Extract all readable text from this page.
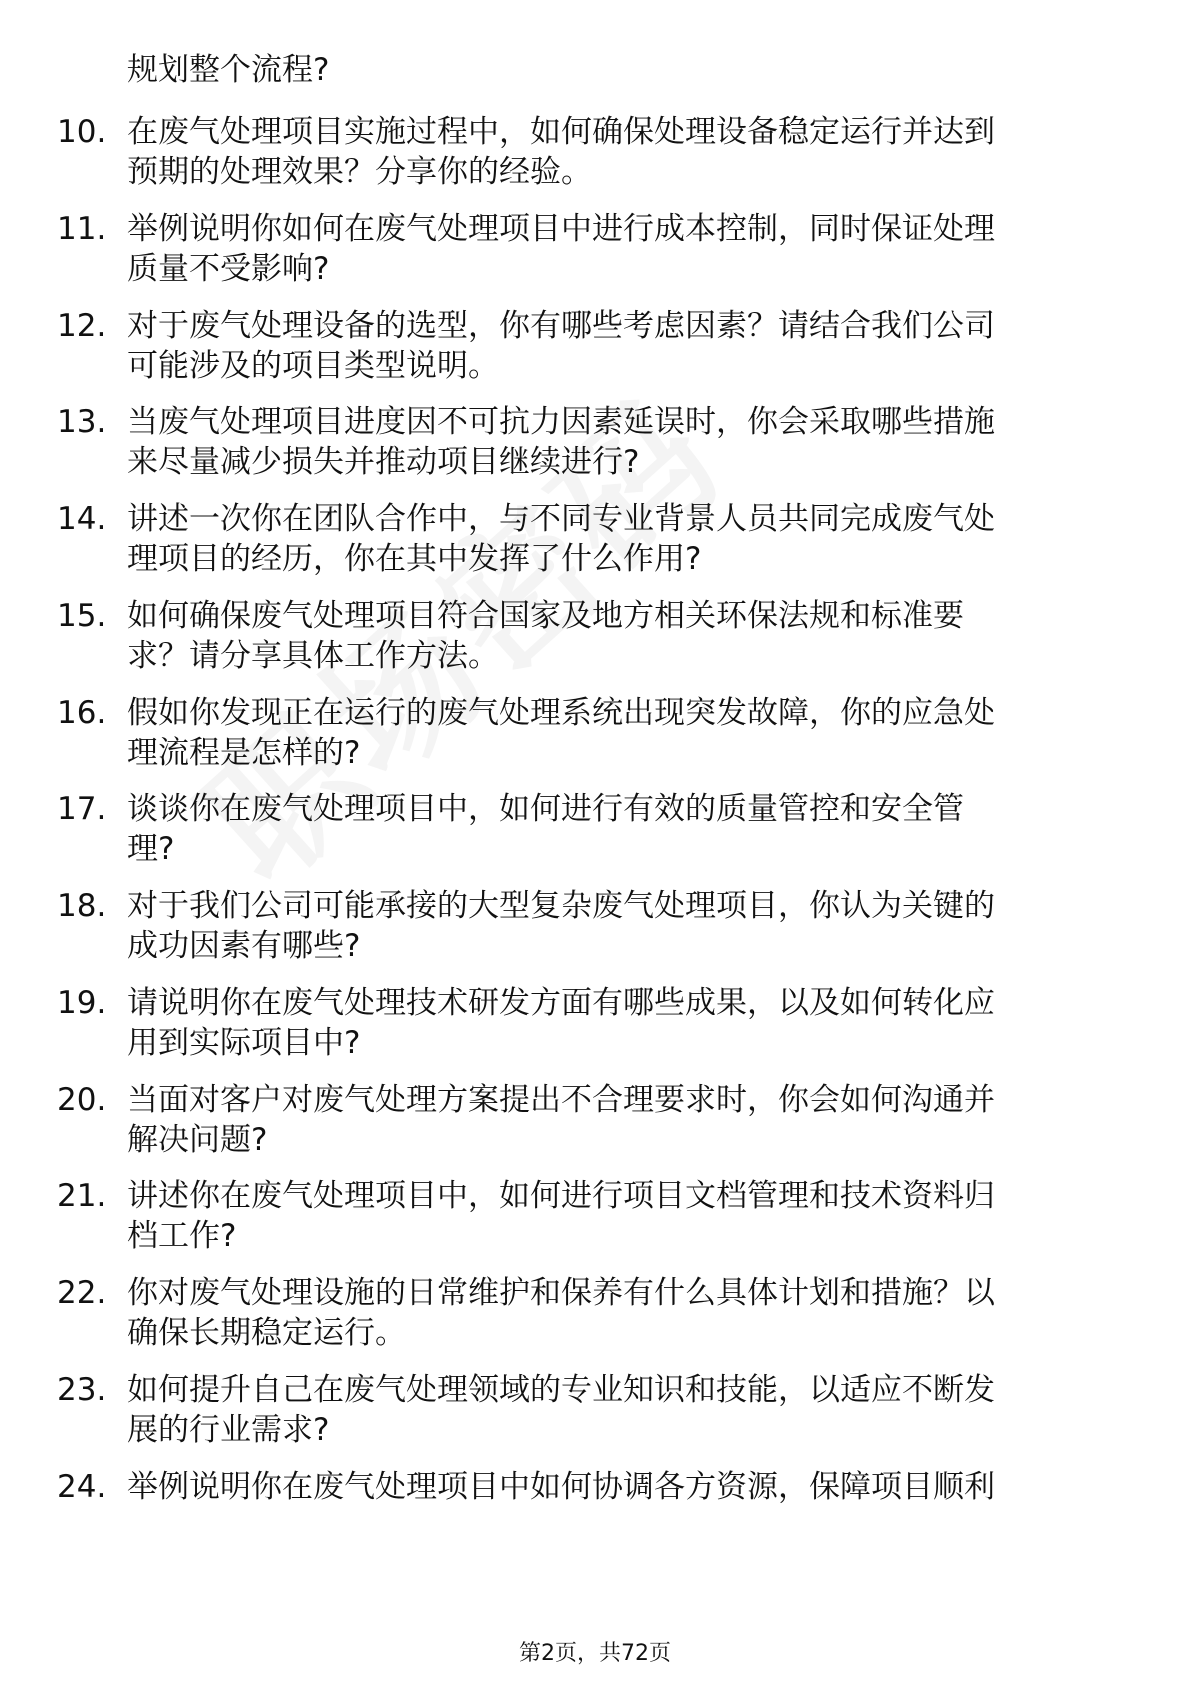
规划整个流程?
10. 在废气处理项目实施过程中，如何确保处理设备稳定运行并达到
预期的处理效果？分享你的经验。
11. 举例说明你如何在废气处理项目中进行成本控制，同时保证处理
质量不受影响?
12. 对于废气处理设备的选型，你有哪些考虑因素？请结合我们公司
可能涉及的项目类型说明。
13. 当废气处理项目进度因不可抗力因素延误时，你会采取哪些措施
来尽量减少损失并推动项目继续进行?
14. 讲述一次你在团队合作中，与不同专业背景人员共同完成废气处
理项目的经历，你在其中发挥了什么作用?
15. 如何确保废气处理项目符合国家及地方相关环保法规和标准要
求？请分享具体工作方法。
16. 假如你发现正在运行的废气处理系统出现突发故障，你的应急处
理流程是怎样的?
17. 谈谈你在废气处理项目中，如何进行有效的质量管控和安全管
理?
18. 对于我们公司可能承接的大型复杂废气处理项目，你认为关键的
成功因素有哪些?
19. 请说明你在废气处理技术研发方面有哪些成果，以及如何转化应
用到实际项目中?
20. 当面对客户对废气处理方案提出不合理要求时，你会如何沟通并
解决问题?
21. 讲述你在废气处理项目中，如何进行项目文档管理和技术资料归
档工作?
22. 你对废气处理设施的日常维护和保养有什么具体计划和措施？以
确保长期稳定运行。
23. 如何提升自己在废气处理领域的专业知识和技能，以适应不断发
展的行业需求?
24. 举例说明你在废气处理项目中如何协调各方资源，保障项目顺利
第2页，共72页
